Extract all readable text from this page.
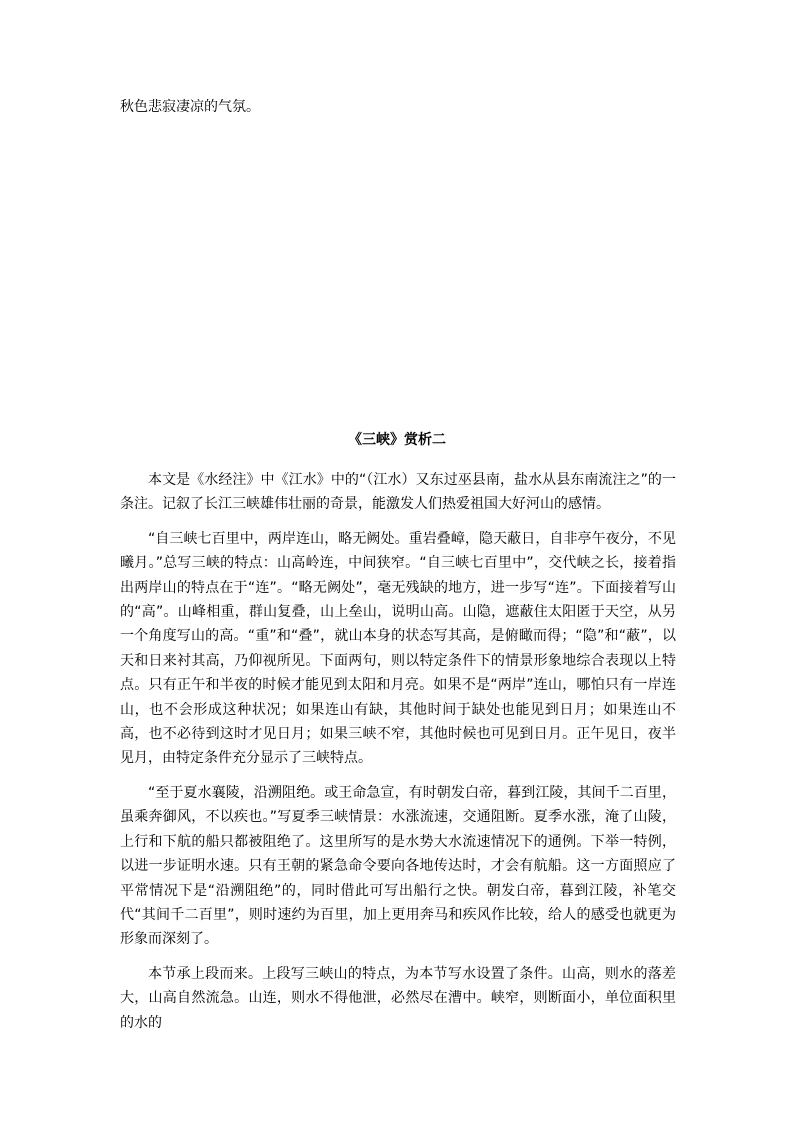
秋色悲寂凄凉的气氛。
《三峡》赏析二

本文是《水经注》中《江水》中的“（江水）又东过巫县南，盐水从县东南流注之”的一条注。记叙了长江三峡雄伟壮丽的奇景，能激发人们热爱祖国大好河山的感情。

“自三峡七百里中，两岸连山，略无阙处。重岩叠嶂，隐天蔽日，自非亭午夜分，不见曦月。”总写三峡的特点：山高岭连，中间狭窄。“自三峡七百里中”，交代峡之长，接着指出两岸山的特点在于“连”。“略无阙处”，毫无残缺的地方，进一步写“连”。下面接着写山的“高”。山峰相重，群山复叠，山上垒山，说明山高。山隐，遮蔽住太阳匿于天空，从另一个角度写山的高。“重”和“叠”，就山本身的状态写其高，是俯瞰而得；“隐”和“蔽”，以天和日来衬其高，乃仰视所见。下面两句，则以特定条件下的情景形象地综合表现以上特点。只有正午和半夜的时候才能见到太阳和月亮。如果不是“两岸”连山，哪怕只有一岸连山，也不会形成这种状况；如果连山有缺，其他时间于缺处也能见到日月；如果连山不高，也不必待到这时才见日月；如果三峡不窄，其他时候也可见到日月。正午见日，夜半见月，由特定条件充分显示了三峡特点。

“至于夏水襄陵，沿溯阻绝。或王命急宣，有时朝发白帝，暮到江陵，其间千二百里，虽乘奔御风，不以疾也。”写夏季三峡情景：水涨流速，交通阻断。夏季水涨，淹了山陵，上行和下航的船只都被阻绝了。这里所写的是水势大水流速情况下的通例。下举一特例，以进一步证明水速。只有王朝的紧急命令要向各地传达时，才会有航船。这一方面照应了平常情况下是“沿溯阻绝”的，同时借此可写出船行之快。朝发白帝，暮到江陵，补笔交代“其间千二百里”，则时速约为百里，加上更用奔马和疾风作比较，给人的感受也就更为形象而深刻了。

本节承上段而来。上段写三峡山的特点，为本节写水设置了条件。山高，则水的落差大，山高自然流急。山连，则水不得他泄，必然尽在漕中。峡窄，则断面小，单位面积里的水的
